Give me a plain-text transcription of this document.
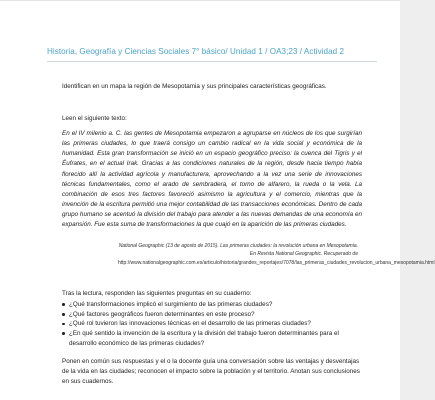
Historia, Geografía y Ciencias Sociales 7° básico/ Unidad 1 / OA3;23 / Actividad 2
Identifican en un mapa la región de Mesopotamia y sus principales características geográficas.
Leen el siguiente texto:
En el IV milenio a. C. las gentes de Mesopotamia empezaron a agruparse en núcleos de los que surgirían las primeras ciudades, lo que traerá consigo un cambio radical en la vida social y económica de la humanidad. Esta gran transformación se inició en un espacio geográfico preciso: la cuenca del Tigris y el Éufrates, en el actual Irak. Gracias a las condiciones naturales de la región, desde hacia tiempo había florecido allí la actividad agrícola y manufacturera, aprovechando a la vez una serie de innovaciones técnicas fundamentales, como el arado de sembradera, el torno de alfarero, la rueda o la vela. La combinación de esos tres factores favoreció asimismo la agricultura y el comercio, mientras que la invención de la escritura permitió una mejor contabilidad de las transacciones económicas. Dentro de cada grupo humano se acentuó la división del trabajo para atender a las nuevas demandas de una economía en expansión. Fue esta suma de transformaciones la que cuajó en la aparición de las primeras ciudades.
National Geographic (13 de agosto de 2015). Las primeras ciudades: la revolución urbana en Mesopotamia. En Revista National Geographic. Recuperado de http://www.nationalgeographic.com.es/articulo/historia/grandes_reportajes/7078/las_primeras_ciudades_revolucion_urbana_mesopotamia.html
Tras la lectura, responden las siguientes preguntas en su cuaderno:
¿Qué transformaciones implicó el surgimiento de las primeras ciudades?
¿Qué factores geográficos fueron determinantes en este proceso?
¿Qué rol tuvieron las innovaciones técnicas en el desarrollo de las primeras ciudades?
¿En qué sentido la invención de la escritura y la división del trabajo fueron determinantes para el desarrollo económico de las primeras ciudades?
Ponen en común sus respuestas y el o la docente guía una conversación sobre las ventajas y desventajas de la vida en las ciudades; reconocen el impacto sobre la población y el territorio. Anotan sus conclusiones en sus cuadernos.
